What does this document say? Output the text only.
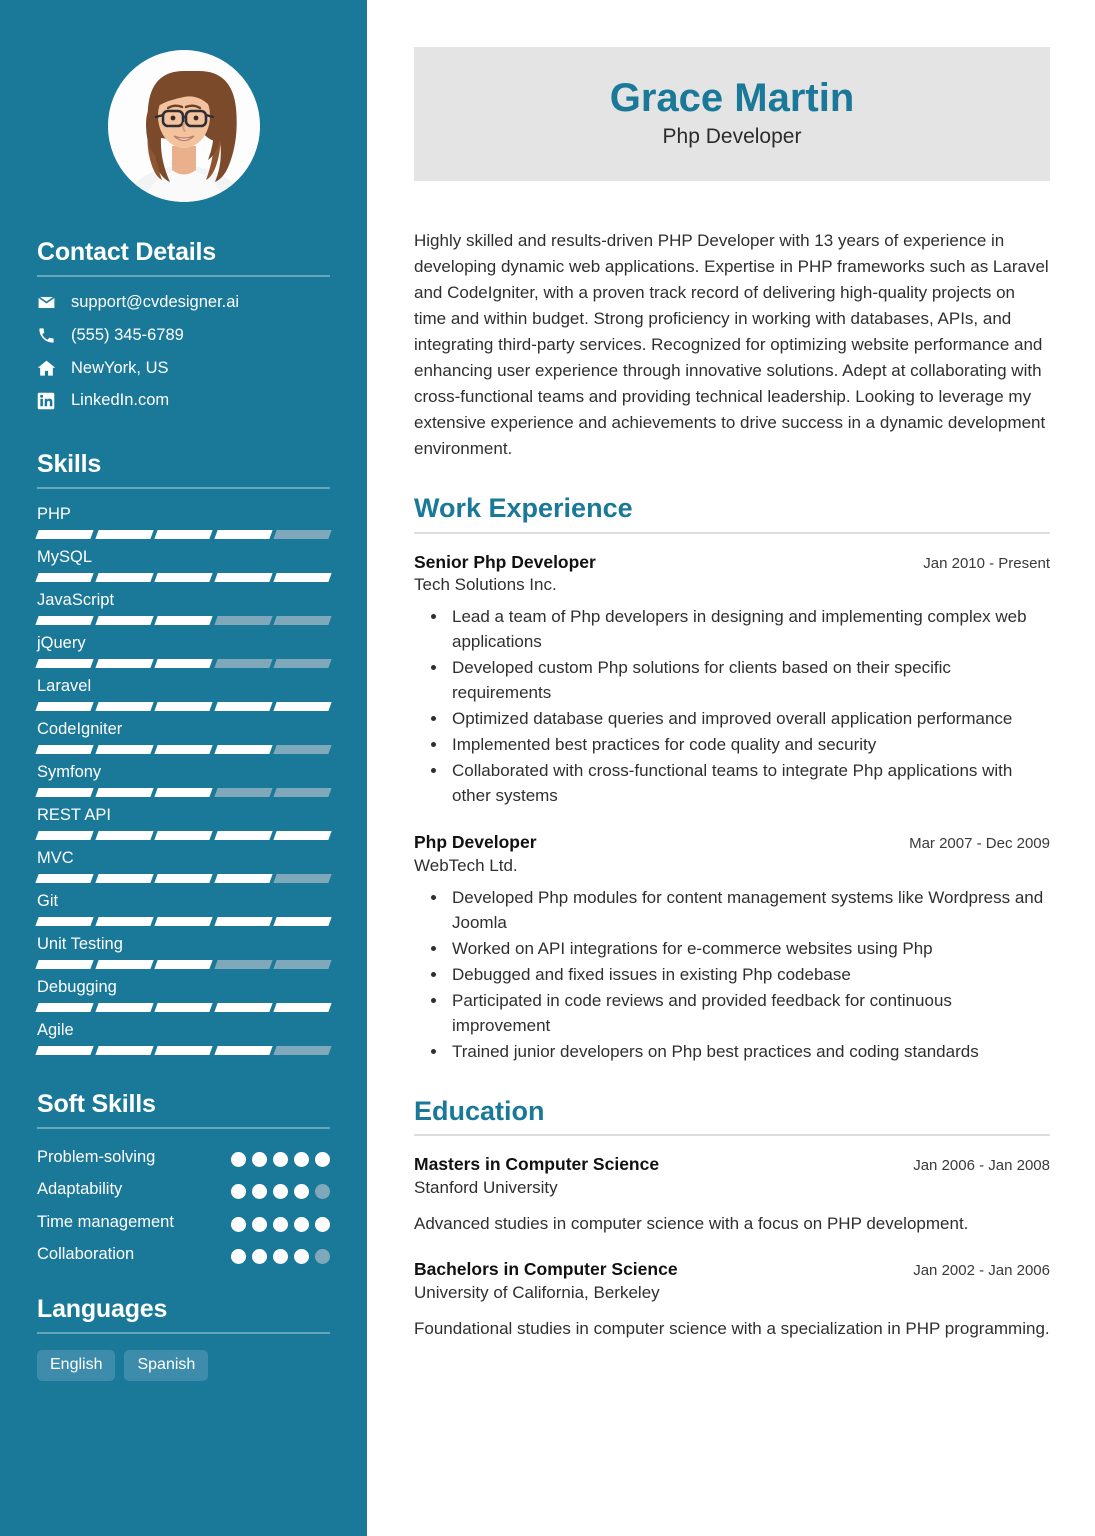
Contact Details
support@cvdesigner.ai
(555) 345-6789
NewYork, US
LinkedIn.com
Skills
PHP
MySQL
JavaScript
jQuery
Laravel
CodeIgniter
Symfony
REST API
MVC
Git
Unit Testing
Debugging
Agile
Soft Skills
Problem-solving
Adaptability
Time management
Collaboration
Languages
English	Spanish
Grace Martin
Php Developer

Highly skilled and results-driven PHP Developer with 13 years of experience in developing dynamic web applications. Expertise in PHP frameworks such as Laravel and CodeIgniter, with a proven track record of delivering high-quality projects on time and within budget. Strong proficiency in working with databases, APIs, and integrating third-party services. Recognized for optimizing website performance and enhancing user experience through innovative solutions. Adept at collaborating with cross-functional teams and providing technical leadership. Looking to leverage my extensive experience and achievements to drive success in a dynamic development environment.

Work Experience
Senior Php Developer	Jan 2010 - Present
Tech Solutions Inc.
• Lead a team of Php developers in designing and implementing complex web applications
• Developed custom Php solutions for clients based on their specific requirements
• Optimized database queries and improved overall application performance
• Implemented best practices for code quality and security
• Collaborated with cross-functional teams to integrate Php applications with other systems
Php Developer	Mar 2007 - Dec 2009
WebTech Ltd.
• Developed Php modules for content management systems like Wordpress and Joomla
• Worked on API integrations for e-commerce websites using Php
• Debugged and fixed issues in existing Php codebase
• Participated in code reviews and provided feedback for continuous improvement
• Trained junior developers on Php best practices and coding standards
Education
Masters in Computer Science	Jan 2006 - Jan 2008
Stanford University
Advanced studies in computer science with a focus on PHP development.
Bachelors in Computer Science	Jan 2002 - Jan 2006
University of California, Berkeley
Foundational studies in computer science with a specialization in PHP programming.
